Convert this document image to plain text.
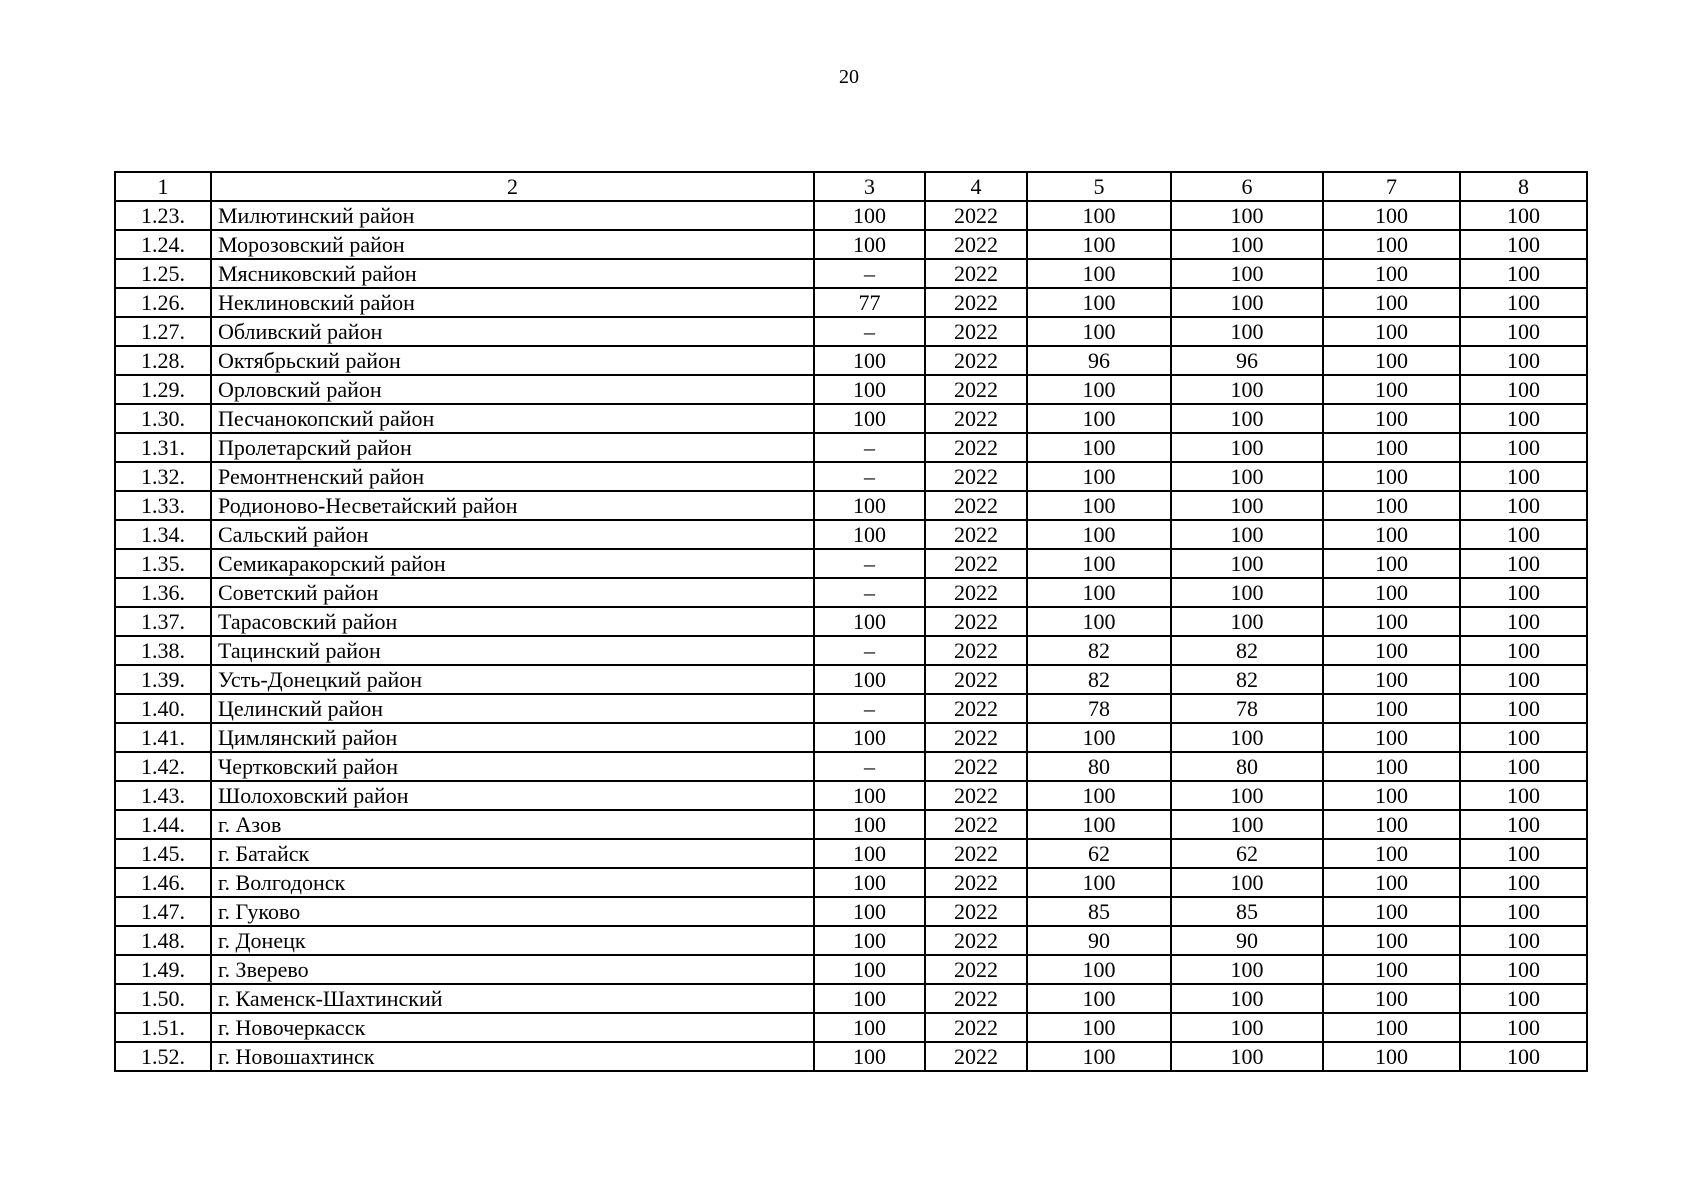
20
1	2	3	4	5	6	7	8
1.23.	Милютинский район	100	2022	100	100	100	100
1.24.	Морозовский район	100	2022	100	100	100	100
1.25.	Мясниковский район	–	2022	100	100	100	100
1.26.	Неклиновский район	77	2022	100	100	100	100
1.27.	Обливский район	–	2022	100	100	100	100
1.28.	Октябрьский район	100	2022	96	96	100	100
1.29.	Орловский район	100	2022	100	100	100	100
1.30.	Песчанокопский район	100	2022	100	100	100	100
1.31.	Пролетарский район	–	2022	100	100	100	100
1.32.	Ремонтненский район	–	2022	100	100	100	100
1.33.	Родионово-Несветайский район	100	2022	100	100	100	100
1.34.	Сальский район	100	2022	100	100	100	100
1.35.	Семикаракорский район	–	2022	100	100	100	100
1.36.	Советский район	–	2022	100	100	100	100
1.37.	Тарасовский район	100	2022	100	100	100	100
1.38.	Тацинский район	–	2022	82	82	100	100
1.39.	Усть-Донецкий район	100	2022	82	82	100	100
1.40.	Целинский район	–	2022	78	78	100	100
1.41.	Цимлянский район	100	2022	100	100	100	100
1.42.	Чертковский район	–	2022	80	80	100	100
1.43.	Шолоховский район	100	2022	100	100	100	100
1.44.	г. Азов	100	2022	100	100	100	100
1.45.	г. Батайск	100	2022	62	62	100	100
1.46.	г. Волгодонск	100	2022	100	100	100	100
1.47.	г. Гуково	100	2022	85	85	100	100
1.48.	г. Донецк	100	2022	90	90	100	100
1.49.	г. Зверево	100	2022	100	100	100	100
1.50.	г. Каменск-Шахтинский	100	2022	100	100	100	100
1.51.	г. Новочеркасск	100	2022	100	100	100	100
1.52.	г. Новошахтинск	100	2022	100	100	100	100
